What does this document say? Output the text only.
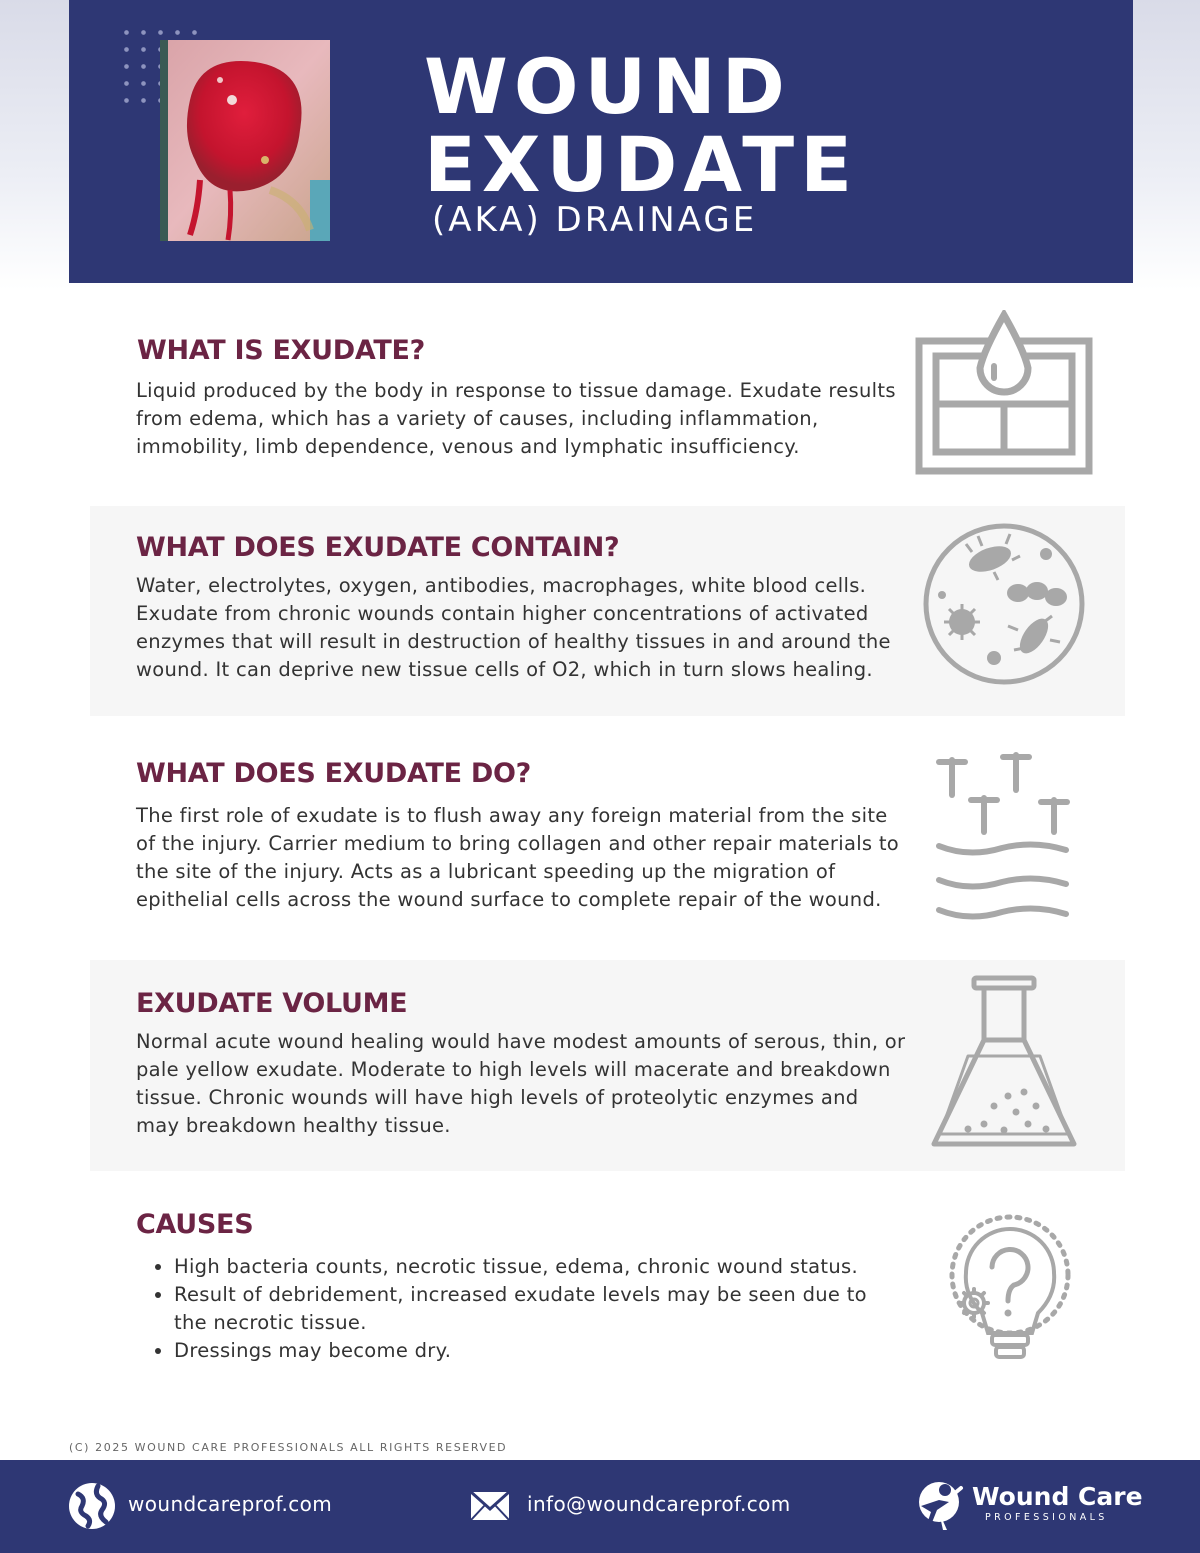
WOUND
EXUDATE
(AKA) DRAINAGE
WHAT IS EXUDATE?
Liquid produced by the body in response to tissue damage. Exudate results from edema, which has a variety of causes, including inflammation, immobility, limb dependence, venous and lymphatic insufficiency.
WHAT DOES EXUDATE CONTAIN?
Water, electrolytes, oxygen, antibodies, macrophages, white blood cells. Exudate from chronic wounds contain higher concentrations of activated enzymes that will result in destruction of healthy tissues in and around the wound. It can deprive new tissue cells of O2, which in turn slows healing.
WHAT DOES EXUDATE DO?
The first role of exudate is to flush away any foreign material from the site of the injury. Carrier medium to bring collagen and other repair materials to the site of the injury. Acts as a lubricant speeding up the migration of epithelial cells across the wound surface to complete repair of the wound.
EXUDATE VOLUME
Normal acute wound healing would have modest amounts of serous, thin, or pale yellow exudate. Moderate to high levels will macerate and breakdown tissue. Chronic wounds will have high levels of proteolytic enzymes and may breakdown healthy tissue.
CAUSES
• High bacteria counts, necrotic tissue, edema, chronic wound status.
• Result of debridement, increased exudate levels may be seen due to the necrotic tissue.
• Dressings may become dry.
(C) 2025 WOUND CARE PROFESSIONALS ALL RIGHTS RESERVED
woundcareprof.com	info@woundcareprof.com	Wound Care
PROFESSIONALS
